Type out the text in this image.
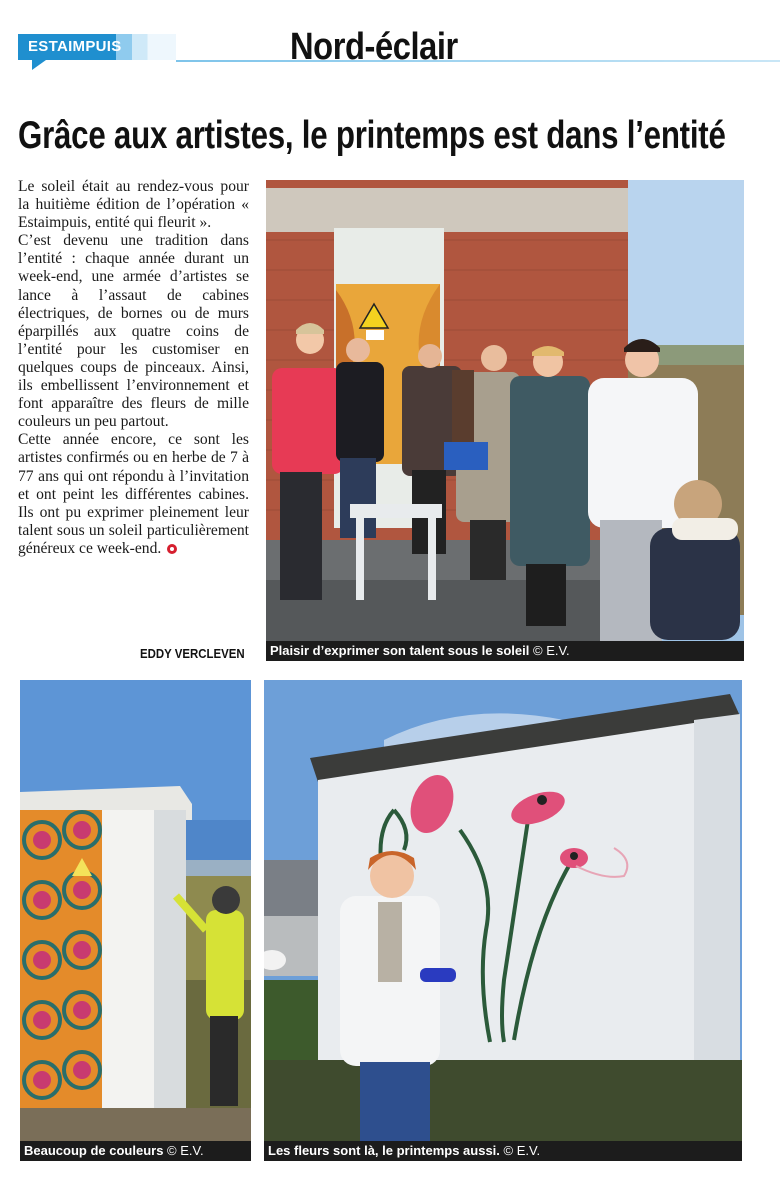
ESTAIMPUIS	Nord-éclair
Grâce aux artistes, le printemps est dans l’entité

Le soleil était au rendez-vous pour la huitième édition de l’opération « Estaimpuis, entité qui fleurit ».

C’est devenu une tradition dans l’entité : chaque année durant un week-end, une armée d’artistes se lance à l’assaut de cabines électriques, de bornes ou de murs éparpillés aux quatre coins de l’entité pour les customiser en quelques coups de pinceaux. Ainsi, ils embellissent l’environnement et font apparaître des fleurs de mille couleurs un peu partout.

Cette année encore, ce sont les artistes confirmés ou en herbe de 7 à 77 ans qui ont répondu à l’invitation et ont peint les différentes cabines. Ils ont pu exprimer pleinement leur talent sous un soleil particulièrement généreux ce week-end.

EDDY VERCLEVEN	Plaisir d’exprimer son talent sous le soleil © E.V.
Beaucoup de couleurs © E.V.	Les fleurs sont là, le printemps aussi. © E.V.
